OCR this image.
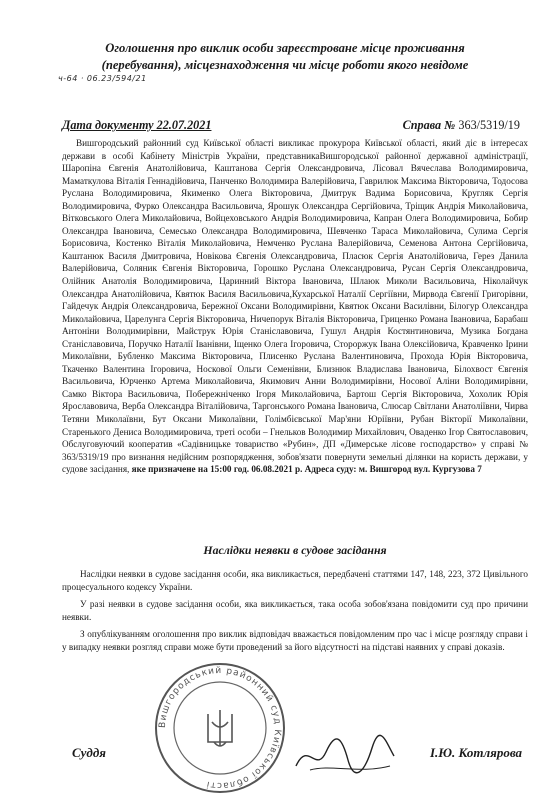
Оголошення про виклик особи зареєстроване місце проживання (перебування), місцезнаходження чи місце роботи якого невідоме
ч-64 · 06.23/594/21
Дата документу 22.07.2021	Справа № 363/5319/19
Вишгородський районний суд Київської області викликає прокурора Київської області, який діє в інтересах держави в особі Кабінету Міністрів України, представникаВишгородської районної державної адміністрації, Шаропіна Євгенія Анатолійовича, Каштанова Сергія Олександровича, Лісовал Вячеслава Володимировича, Маматкулова Віталія Геннадійовича, Панченко Володимира Валерійовича, Гаврилюк Максима Вікторовича, Тодосова Руслана Володимировича, Якименко Олега Вікторовича, Дмитрук Вадима Борисовича, Кругляк Сергія Володимировича, Фурко Олександра Васильовича, Ярошук Олександра Сергійовича, Тріщик Андрія Миколайовича, Вітковського Олега Миколайовича, Войцеховського Андрія Володимировича, Капран Олега Володимировича, Бобир Олександра Івановича, Семесько Олександра Володимировича, Шевченко Тараса Миколайовича, Сулима Сергія Борисовича, Костенко Віталія Миколайовича, Немченко Руслана Валерійовича, Семенова Антона Сергійовича, Каштанюк Василя Дмитровича, Новікова Євгенія Олександровича, Пласюк Сергія Анатолійовича, Герез Данила Валерійовича, Соляник Євгенія Вікторовича, Горошко Руслана Олександровича, Русан Сергія Олександровича, Олійник Анатолія Володимировича, Царинний Віктора Івановича, Шлаюк Миколи Васильовича, Ніколайчук Олександра Анатолійовича, Квятюк Василя Васильовича,Кухарської Наталії Сергіївни, Мирвода Євгенії Григорівни, Гайдечук Андрія Олександровича, Бережної Оксани Володимирівни, Квятюк Оксани Василівни, Білогур Олександра Миколайовича, Царелунга Сергія Вікторовича, Ничепорук Віталія Вікторовича, Гриценко Романа Івановича, Барабаш Антоніни Володимирівни, Майструк Юрія Станіславовича, Гушул Андрія Костянтиновича, Музика Богдана Станіславовича, Поручко Наталії Іванівни, Іщенко Олега Ігоровича, Стороржук Івана Олексійовича, Кравченко Ірини Миколаївни, Бубленко Максима Вікторовича, Плисенко Руслана Валентиновича, Прохода Юрія Вікторовича, Ткаченко Валентина Ігоровича, Носкової Ольги Семенівни, Близнюк Владислава Івановича, Білохвост Євгенія Васильовича, Юрченко Артема Миколайовича, Якимович Анни Володимирівни, Носової Аліни Володимирівни, Самко Віктора Васильовича, Побережніченко Ігоря Миколайовича, Бартош Сергія Вікторовича, Хохолик Юрія Ярославовича, Верба Олександра Віталійовича, Таргонського Романа Івановича, Слюсар Світлани Анатоліївни, Чирва Тетяни Миколаївни, Бут Оксани Миколаївни, Голімбієвської Мар'яни Юріївни, Рубан Вікторії Миколаївни, Старенького Дениса Володимировича, треті особи – Гнельков Володимир Михайлович, Оваденко Ігор Святославович, Обслуговуючий кооператив «Садівницьке товариство «Рубин», ДП «Димерське лісове господарство» у справі № 363/5319/19 про визнання недійсним розпорядження, зобов'язати повернути земельні ділянки на користь держави, у судове засідання, яке призначене на 15:00 год. 06.08.2021 р. Адреса суду: м. Вишгород вул. Кургузова 7
Наслідки неявки в судове засідання
Наслідки неявки в судове засідання особи, яка викликається, передбачені статтями 147, 148, 223, 372 Цивільного процесуального кодексу України.
У разі неявки в судове засідання особи, яка викликається, така особа зобов'язана повідомити суд про причини неявки.
З опублікуванням оголошення про виклик відповідач вважається повідомленим про час і місце розгляду справи і у випадку неявки розгляд справи може бути проведений за його відсутності на підставі наявних у справі доказів.
Вишгородський районний суд Київської області
Суддя	І.Ю. Котлярова
